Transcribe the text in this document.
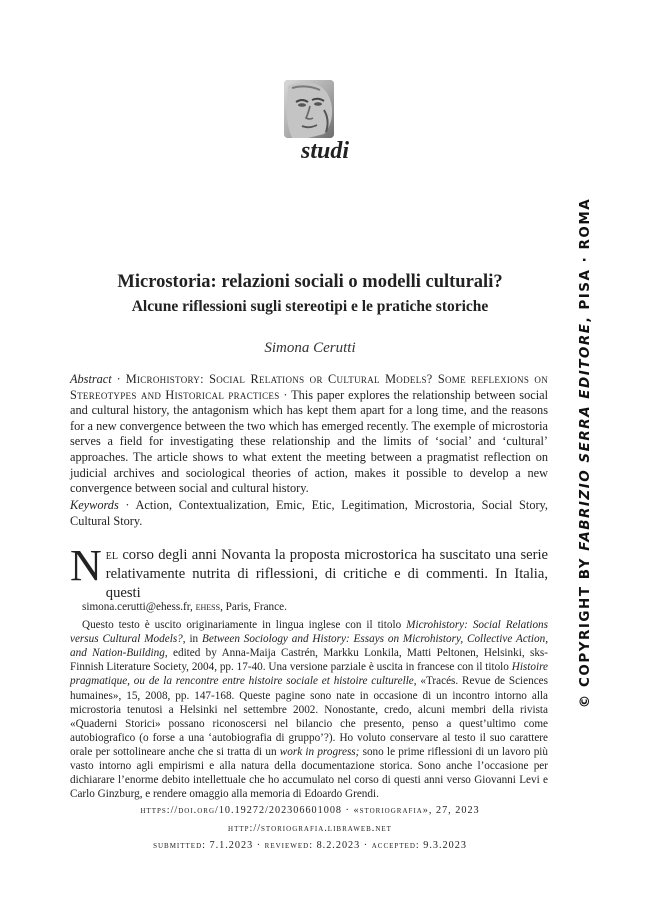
studi
© COPYRIGHT BY FABRIZIO SERRA EDITORE, PISA · ROMA
Microstoria: relazioni sociali o modelli culturali?
Alcune riflessioni sugli stereotipi e le pratiche storiche
Simona Cerutti
Abstract · Microhistory: Social Relations or Cultural Models? Some reflexions on Stereotypes and Historical practices · This paper explores the relationship between social and cultural history, the antagonism which has kept them apart for a long time, and the reasons for a new convergence between the two which has emerged recently. The exemple of microstoria serves a field for investigating these relationship and the limits of ‘social’ and ‘cultural’ approaches. The article shows to what extent the meeting between a pragmatist reflection on judicial archives and sociological theories of action, makes it possible to develop a new convergence between social and cultural history.
Keywords · Action, Contextualization, Emic, Etic, Legitimation, Microstoria, Social Story, Cultural Story.
Nel corso degli anni Novanta la proposta microstorica ha suscitato una serie relativamente nutrita di riflessioni, di critiche e di commenti. In Italia, questi

simona.cerutti@ehess.fr, ehess, Paris, France.

Questo testo è uscito originariamente in lingua inglese con il titolo Microhistory: Social Relations versus Cultural Models?, in Between Sociology and History: Essays on Microhistory, Collective Action, and Nation-Building, edited by Anna-Maija Castrén, Markku Lonkila, Matti Peltonen, Helsinki, sks-Finnish Literature Society, 2004, pp. 17-40. Una versione parziale è uscita in francese con il titolo Histoire pragmatique, ou de la rencontre entre histoire sociale et histoire culturelle, «Tracés. Revue de Sciences humaines», 15, 2008, pp. 147-168. Queste pagine sono nate in occasione di un incontro intorno alla microstoria tenutosi a Helsinki nel settembre 2002. Nonostante, credo, alcuni membri della rivista «Quaderni Storici» possano riconoscersi nel bilancio che presento, penso a quest’ultimo come autobiografico (o forse a una ‘autobiografia di gruppo’?). Ho voluto conservare al testo il suo carattere orale per sottolineare anche che si tratta di un work in progress; sono le prime riflessioni di un lavoro più vasto intorno agli empirismi e alla natura della documentazione storica. Sono anche l’occasione per dichiarare l’enorme debito intellettuale che ho accumulato nel corso di questi anni verso Giovanni Levi e Carlo Ginzburg, e rendere omaggio alla memoria di Edoardo Grendi.

https://doi.org/10.19272/202306601008 · «storiografia», 27, 2023
http://storiografia.libraweb.net
submitted: 7.1.2023 · reviewed: 8.2.2023 · accepted: 9.3.2023
